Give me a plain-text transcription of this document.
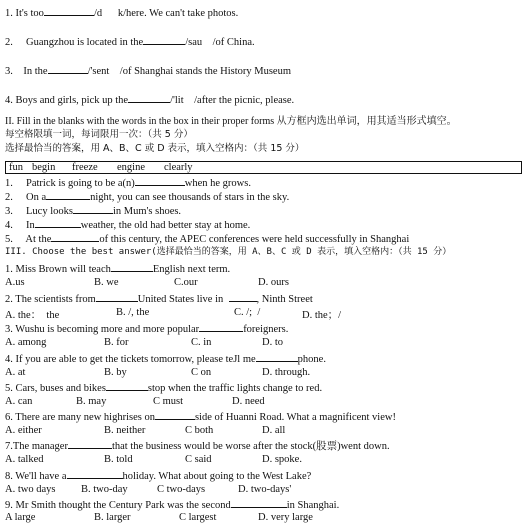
1. It's too	/d      k/here. We can't take photos.
2.     Guangzhou is located in the	/sau    /of China.
3.    In the	/'sent    /of Shanghai stands the History Museum
4. Boys and girls, pick up the	/'lit    /after the picnic, please.
II. Fill in the blanks with the words in the box in their proper forms 从方框内选出单词，用其适当形式填空。
每空格限填一词，每词限用一次：（共 5 分）
选择最恰当的答案，用 A、B、C 或 D 表示，填入空格内：（共 15 分）
fun begin freeze engine clearly
1.     Patrick is going to be a(n)	when he grows.
2.     On a	night, you can see thousands of stars in the sky.
3.     Lucy looks	in Mum's shoes.
4.     In	weather, the old had better stay at home.
5.     At the	of this century, the APEC conferences were held successfully in Shanghai
III. Choose the best answer(选择最恰当的答案，用 A、B、C 或 D 表示，填入空格内：（共 15 分）
1. Miss Brown will teach	English next term.
A.us	B. we	C.our	D. ours
2. The scientists from	United States live in	, Ninth Street
A. the：  the	B. /, the	C. /;  /	D. the；/
3. Wushu is becoming more and more popular	foreigners.
A. among	B. for	C. in	D. to
4. If you are able to get the tickets tomorrow, please teJl me	phone.
A. at	B. by	C on	D. through.
5. Cars, buses and bikes	stop when the traffic lights change to red.
A. can	B. may	C must	D. need
6. There are many new highrises on	side of Huanni Road. What a magnificent view!
A. either	B. neither	C both	D. all
7.The manager	that the business would be worse after the stock(股票)went down.
A. talked	B. told	C said	D. spoke.
8. We'll have a	holiday. What about going to the West Lake?
A. two days B. two-day	C two-days	D. two-days'
9. Mr Smith thought the Century Park was the second	in Shanghai.
A large	B. larger	C largest	D. very large
